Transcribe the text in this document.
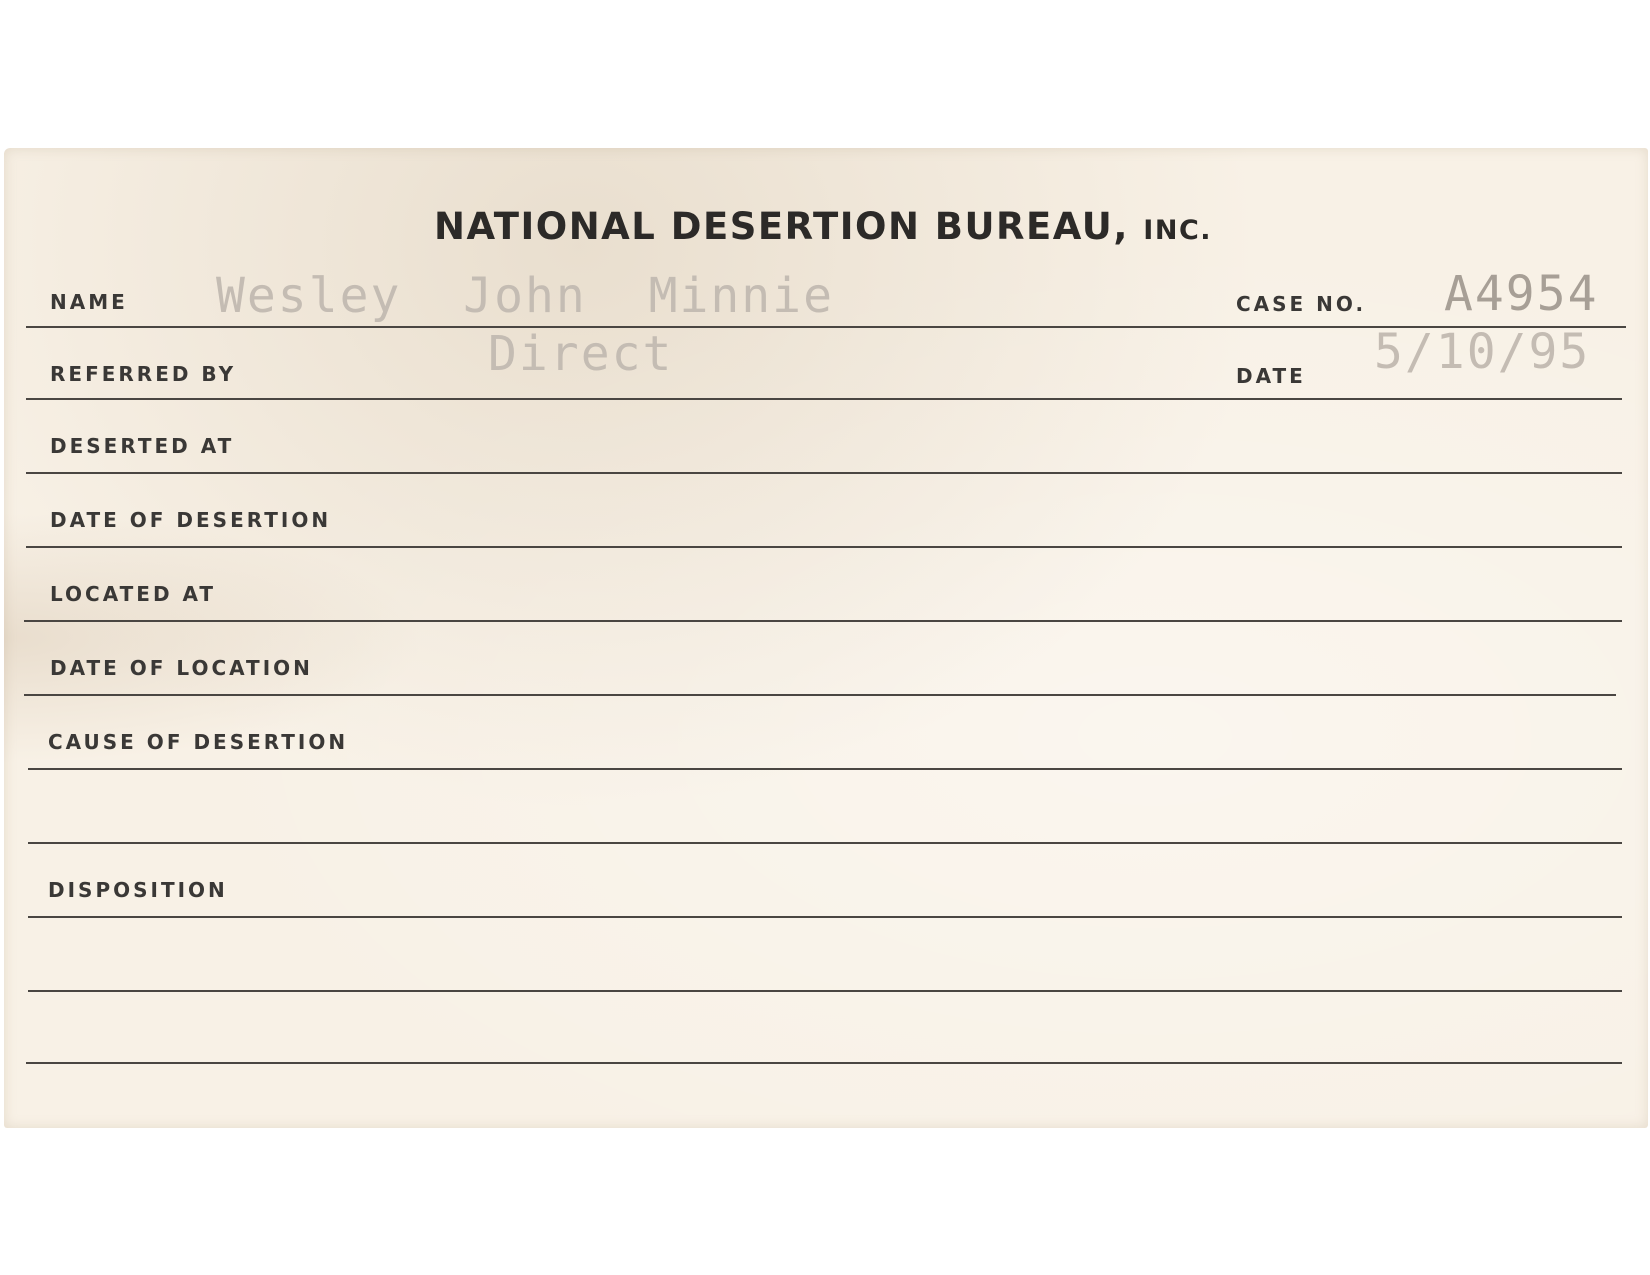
NATIONAL DESERTION BUREAU, INC.
NAME Wesley  John  Minnie	CASE NO. A4954
REFERRED BY	Direct	DATE 5/10/95
DESERTED AT
DATE OF DESERTION
LOCATED AT
DATE OF LOCATION
CAUSE OF DESERTION
DISPOSITION
